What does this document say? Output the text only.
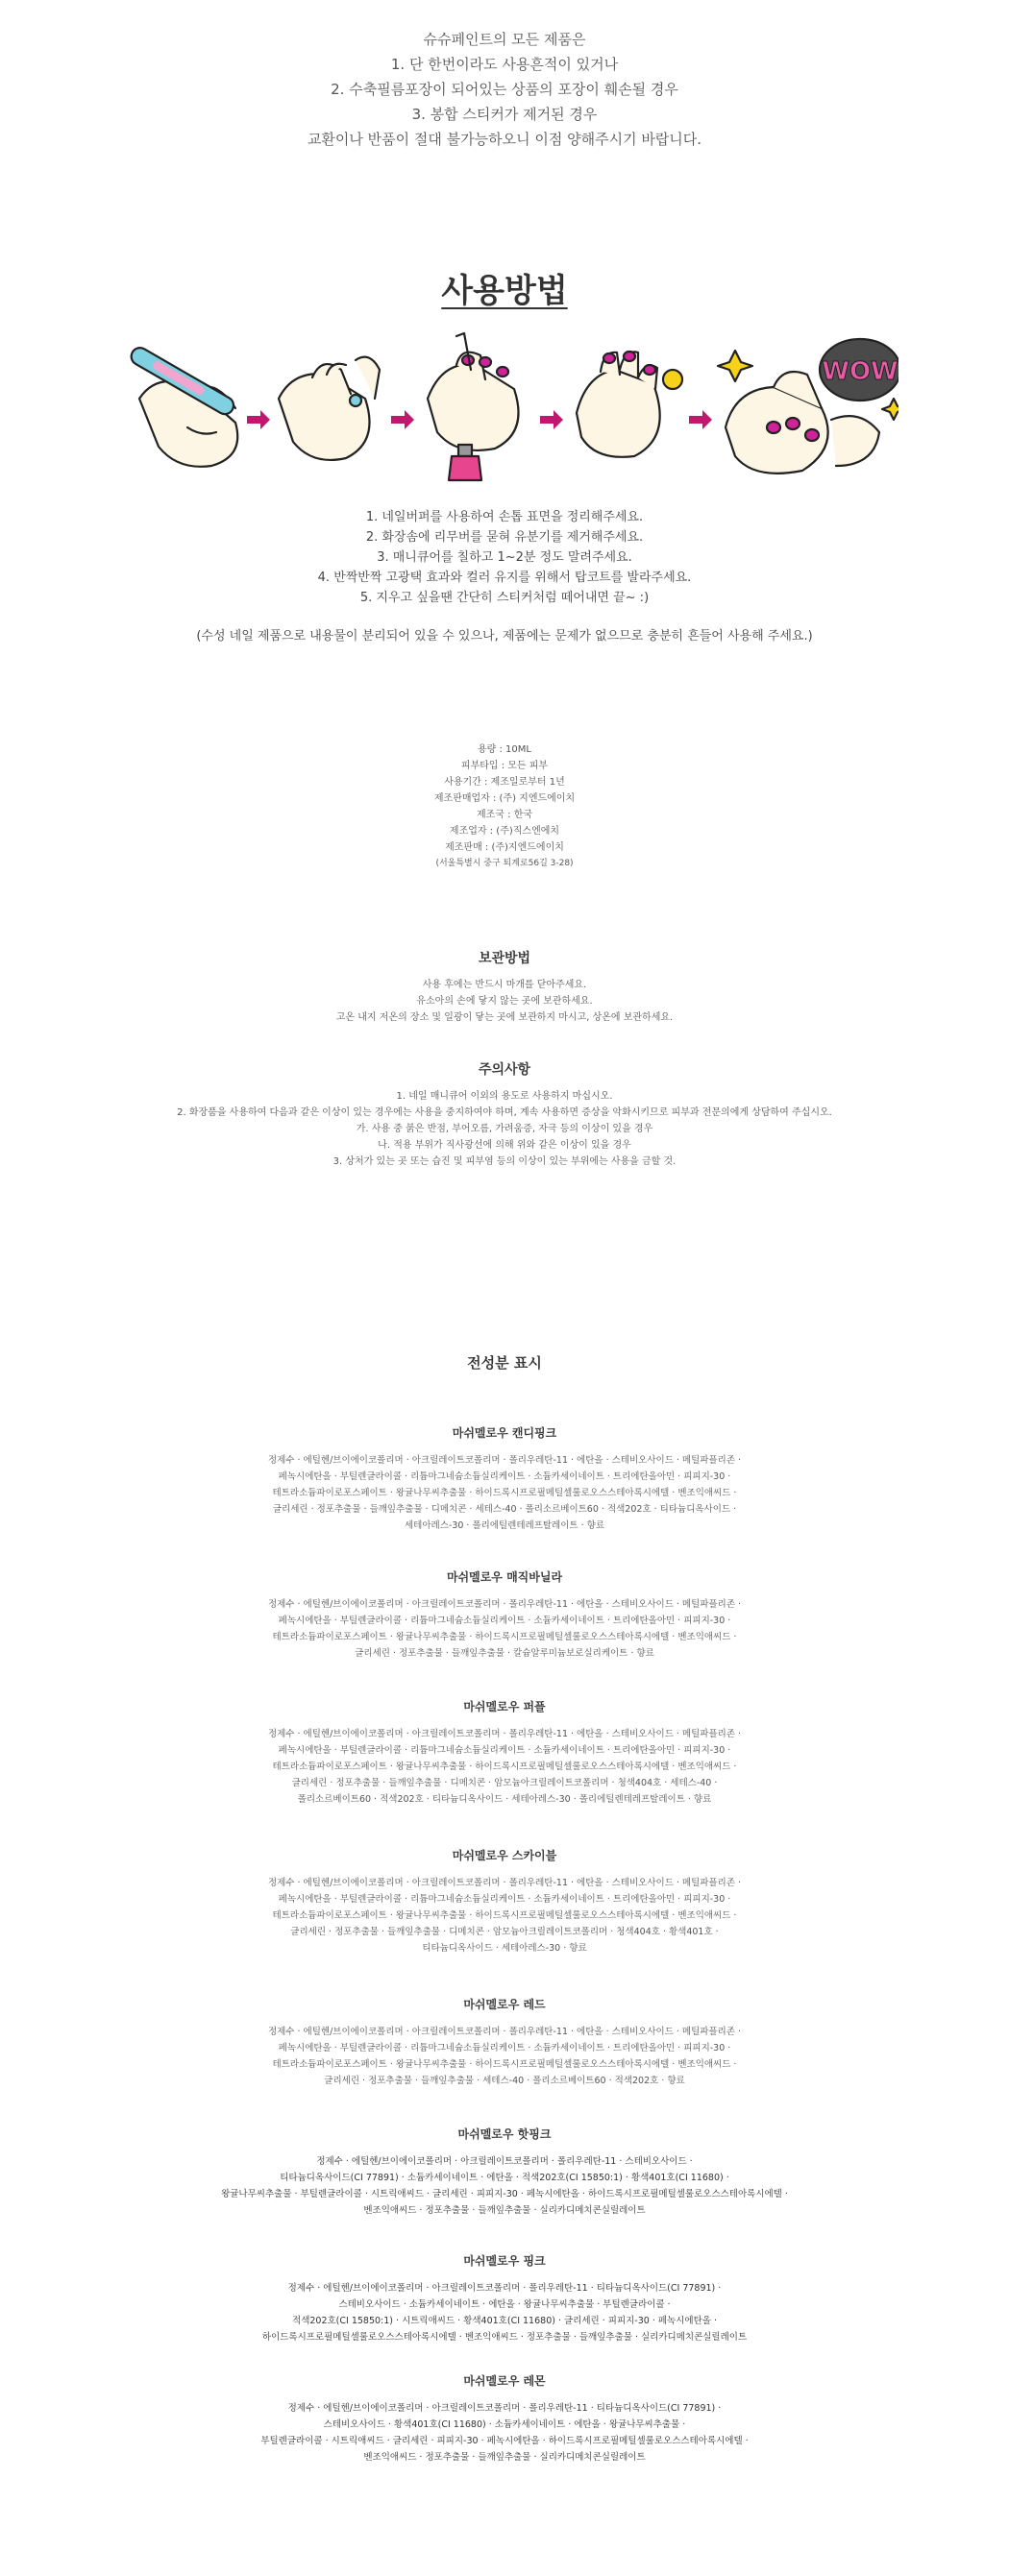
슈슈페인트의 모든 제품은
1. 단 한번이라도 사용흔적이 있거나
2. 수축필름포장이 되어있는 상품의 포장이 훼손될 경우
3. 봉합 스티커가 제거된 경우
교환이나 반품이 절대 불가능하오니 이점 양해주시기 바랍니다.
사용방법
WOW
1. 네일버퍼를 사용하여 손톱 표면을 정리해주세요.
2. 화장솜에 리무버를 묻혀 유분기를 제거해주세요.
3. 매니큐어를 칠하고 1~2분 정도 말려주세요.
4. 반짝반짝 고광택 효과와 컬러 유지를 위해서 탑코트를 발라주세요.
5. 지우고 싶을땐 간단히 스티커처럼 떼어내면 끝~ :)
(수성 네일 제품으로 내용물이 분리되어 있을 수 있으나, 제품에는 문제가 없으므로 충분히 흔들어 사용해 주세요.)
용량 : 10ML
피부타입 : 모든 피부
사용기간 : 제조일로부터 1년
제조판매업자 : (주) 지엔드에이치
제조국 : 한국
제조업자 : (주)직스엔에치
제조판매 : (주)지엔드에이치
(서울특별시 중구 퇴계로56길 3-28)
보관방법
사용 후에는 반드시 마개를 닫아주세요.
유소아의 손에 닿지 않는 곳에 보관하세요.
고온 내지 저온의 장소 및 일광이 닿는 곳에 보관하지 마시고, 상온에 보관하세요.
주의사항
1. 네일 매니큐어 이외의 용도로 사용하지 마십시오.
2. 화장품을 사용하여 다음과 같은 이상이 있는 경우에는 사용을 중지하여야 하며, 계속 사용하면 증상을 악화시키므로 피부과 전문의에게 상담하여 주십시오.
가. 사용 중 붉은 반점, 부어오름, 가려움증, 자극 등의 이상이 있을 경우
나. 적용 부위가 직사광선에 의해 위와 같은 이상이 있을 경우
3. 상처가 있는 곳 또는 습진 및 피부염 등의 이상이 있는 부위에는 사용을 금할 것.
전성분 표시
마쉬멜로우 캔디핑크
정제수 · 에틸헨/브이에이코폴리머 · 아크릴레이트코폴리머 · 폴리우레탄-11 · 에탄올 · 스테비오사이드 · 메틸파플리존 ·
페녹시에탄올 · 부틸렌글라이콜 · 리튬마그네슘소듐실리케이트 · 소듐카세이네이트 · 트리에탄올아민 · 피피지-30 ·
테트라소듐파이로포스페이트 · 왕귤나무씨추출물 · 하이드록시프로필메틸셀룰로오스스테아록시에텔 · 벤조익애씨드 ·
글리세린 · 정포추출물 · 들깨잎추출물 · 디메치콘 · 세테스-40 · 폴리소르베이트60 · 적색202호 · 티타늄디옥사이드 ·
세테아레스-30 · 폴리에틸렌테레프탈레이트 · 향료
마쉬멜로우 매직바닐라
정제수 · 에틸헨/브이에이코폴리머 · 아크릴레이트코폴리머 · 폴리우레탄-11 · 에탄올 · 스테비오사이드 · 메틸파플리존 ·
페녹시에탄올 · 부틸렌글라이콜 · 리튬마그네슘소듐실리케이트 · 소듐카세이네이트 · 트리에탄올아민 · 피피지-30 ·
테트라소듐파이로포스페이트 · 왕귤나무씨추출물 · 하이드록시프로필메틸셀룰로오스스테아록시에텔 · 벤조익애씨드 ·
글리세린 · 정포추출물 · 들깨잎추출물 · 칼슘알루미늄보로실리케이트 · 향료
마쉬멜로우 퍼플
정제수 · 에틸헨/브이에이코폴리머 · 아크릴레이트코폴리머 · 폴리우레탄-11 · 에탄올 · 스테비오사이드 · 메틸파플리존 ·
페녹시에탄올 · 부틸렌글라이콜 · 리튬마그네슘소듐실리케이트 · 소듐카세이네이트 · 트리에탄올아민 · 피피지-30 ·
테트라소듐파이로포스페이트 · 왕귤나무씨추출물 · 하이드록시프로필메틸셀룰로오스스테아록시에텔 · 벤조익애씨드 ·
글리세린 · 정포추출물 · 들깨잎추출물 · 디메치콘 · 암모늄아크릴레이트코폴리머 · 청색404호 · 세테스-40 ·
폴리소르베이트60 · 적색202호 · 티타늄디옥사이드 · 세테아레스-30 · 폴리에틸렌테레프탈레이트 · 향료
마쉬멜로우 스카이블
정제수 · 에틸헨/브이에이코폴리머 · 아크릴레이트코폴리머 · 폴리우레탄-11 · 에탄올 · 스테비오사이드 · 메틸파플리존 ·
페녹시에탄올 · 부틸렌글라이콜 · 리튬마그네슘소듐실리케이트 · 소듐카세이네이트 · 트리에탄올아민 · 피피지-30 ·
테트라소듐파이로포스페이트 · 왕귤나무씨추출물 · 하이드록시프로필메틸셀룰로오스스테아록시에텔 · 벤조익애씨드 ·
글리세린 · 정포추출물 · 들깨잎추출물 · 디메치콘 · 암모늄아크릴레이트코폴리머 · 청색404호 · 황색401호 ·
티타늄디옥사이드 · 세테아레스-30 · 향료
마쉬멜로우 레드
정제수 · 에틸헨/브이에이코폴리머 · 아크릴레이트코폴리머 · 폴리우레탄-11 · 에탄올 · 스테비오사이드 · 메틸파플리존 ·
페녹시에탄올 · 부틸렌글라이콜 · 리튬마그네슘소듐실리케이트 · 소듐카세이네이트 · 트리에탄올아민 · 피피지-30 ·
테트라소듐파이로포스페이트 · 왕귤나무씨추출물 · 하이드록시프로필메틸셀룰로오스스테아록시에텔 · 벤조익애씨드 ·
글리세린 · 정포추출물 · 들깨잎추출물 · 세테스-40 · 폴리소르베이트60 · 적색202호 · 향료
마쉬멜로우 핫핑크
정제수 · 에틸헨/브이에이코폴리머 · 아크릴레이트코폴리머 · 폴리우레탄-11 · 스테비오사이드 ·
티타늄디옥사이드(CI 77891) · 소듐카세이네이트 · 에탄올 · 적색202호(CI 15850:1) · 황색401호(CI 11680) ·
왕귤나무씨추출물 · 부틸렌글라이콜 · 시트릭애씨드 · 글리세린 · 피피지-30 · 페녹시에탄올 · 하이드록시프로필메틸셀룰로오스스테아록시에텔 ·
벤조익애씨드 · 정포추출물 · 들깨잎추출물 · 실리카디메치콘실릴레이트
마쉬멜로우 핑크
정제수 · 에틸헨/브이에이코폴리머 · 아크릴레이트코폴리머 · 폴리우레탄-11 · 티타늄디옥사이드(CI 77891) ·
스테비오사이드 · 소듐카세이네이트 · 에탄올 · 왕귤나무씨추출물 · 부틸렌글라이콜 ·
적색202호(CI 15850:1) · 시트릭애씨드 · 황색401호(CI 11680) · 글리세린 · 피피지-30 · 페녹시에탄올 ·
하이드록시프로필메틸셀룰로오스스테아록시에텔 · 벤조익애씨드 · 정포추출물 · 들깨잎추출물 · 실리카디메치콘실릴레이트
마쉬멜로우 레몬
정제수 · 에틸헨/브이에이코폴리머 · 아크릴레이트코폴리머 · 폴리우레탄-11 · 티타늄디옥사이드(CI 77891) ·
스테비오사이드 · 황색401호(CI 11680) · 소듐카세이네이트 · 에탄올 · 왕귤나무씨추출물 ·
부틸렌글라이콜 · 시트릭애씨드 · 글리세린 · 피피지-30 · 페녹시에탄올 · 하이드록시프로필메틸셀룰로오스스테아록시에텔 ·
벤조익애씨드 · 정포추출물 · 들깨잎추출물 · 실리카디메치콘실릴레이트
